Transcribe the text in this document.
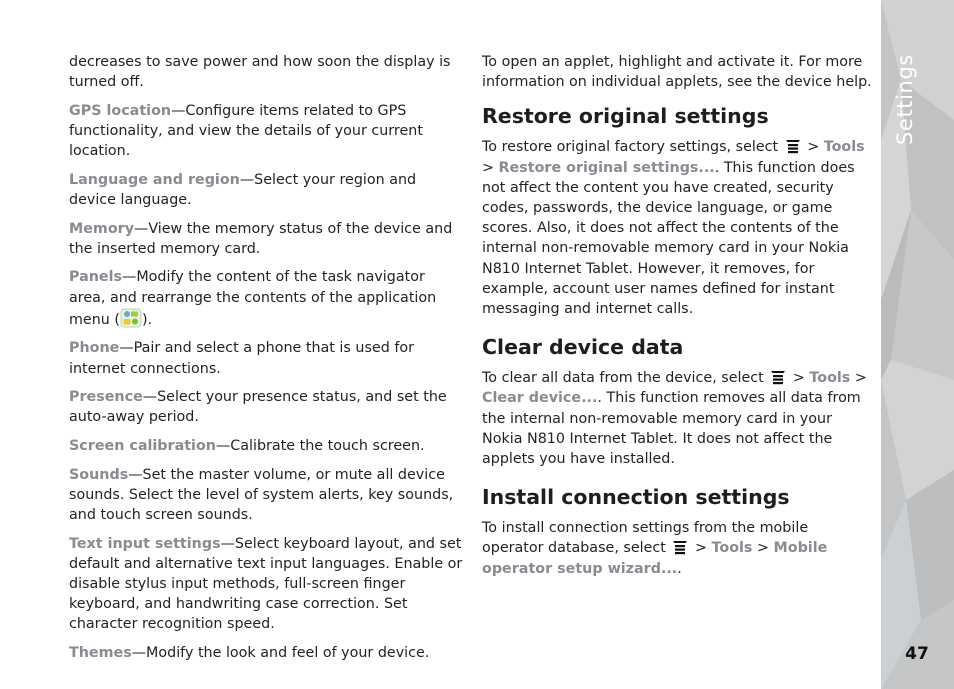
decreases to save power and how soon the display is turned off.

GPS location—Configure items related to GPS functionality, and view the details of your current location.

Language and region—Select your region and device language.

Memory—View the memory status of the device and the inserted memory card.

Panels—Modify the content of the task navigator area, and rearrange the contents of the application menu ( ).

Phone—Pair and select a phone that is used for internet connections.

Presence—Select your presence status, and set the auto-away period.

Screen calibration—Calibrate the touch screen.

Sounds—Set the master volume, or mute all device sounds. Select the level of system alerts, key sounds, and touch screen sounds.

Text input settings—Select keyboard layout, and set default and alternative text input languages. Enable or disable stylus input methods, full-screen finger keyboard, and handwriting case correction. Set character recognition speed.

Themes—Modify the look and feel of your device.

To open an applet, highlight and activate it. For more information on individual applets, see the device help.

Restore original settings

To restore original factory settings, select  > Tools > Restore original settings.... This function does not affect the content you have created, security codes, passwords, the device language, or game scores. Also, it does not affect the contents of the internal non-removable memory card in your Nokia N810 Internet Tablet. However, it removes, for example, account user names defined for instant messaging and internet calls.

Clear device data

To clear all data from the device, select  > Tools > Clear device.... This function removes all data from the internal non-removable memory card in your Nokia N810 Internet Tablet. It does not affect the applets you have installed.

Install connection settings

To install connection settings from the mobile operator database, select  > Tools > Mobile operator setup wizard....

Settings
47
